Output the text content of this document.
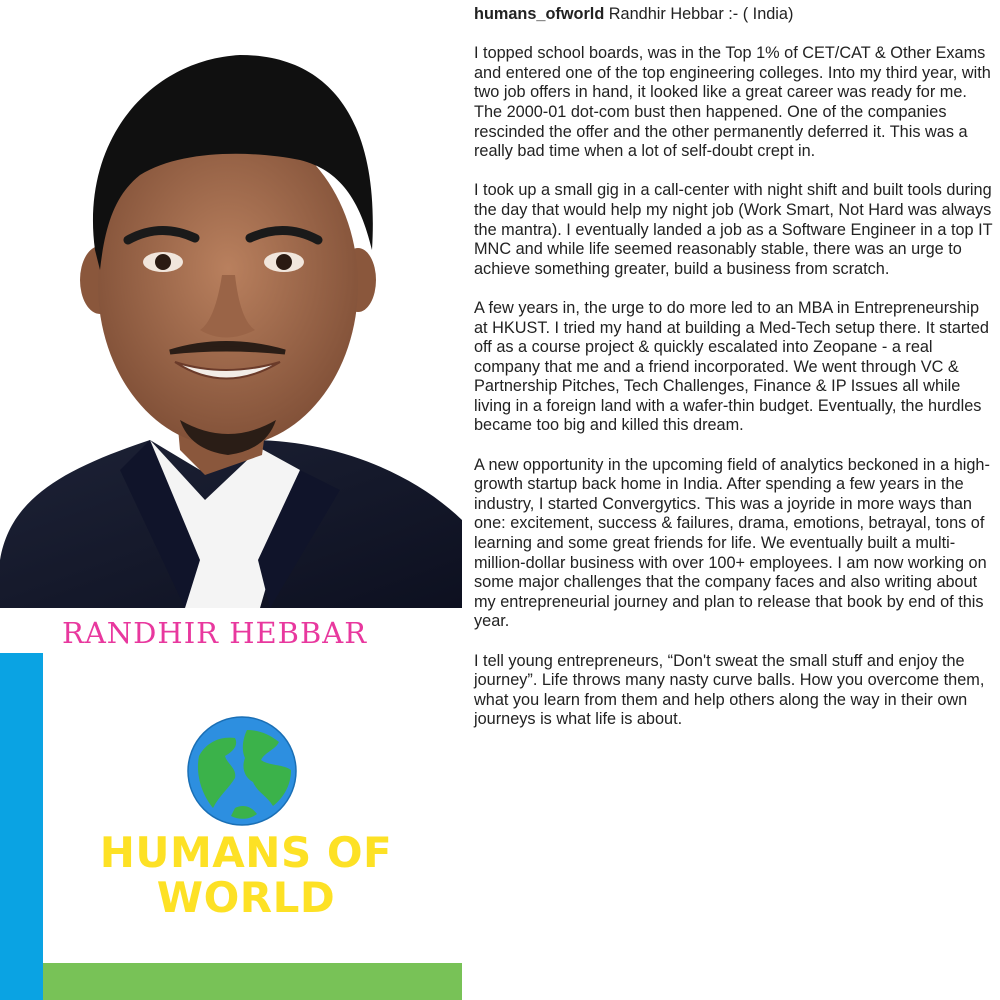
RANDHIR HEBBAR
HUMANS OF
WORLD
humans_ofworld Randhir Hebbar :- ( India)

I topped school boards, was in the Top 1% of CET/CAT & Other Exams and entered one of the top engineering colleges. Into my third year, with two job offers in hand, it looked like a great career was ready for me. The 2000-01 dot-com bust then happened. One of the companies rescinded the offer and the other permanently deferred it. This was a really bad time when a lot of self-doubt crept in.

I took up a small gig in a call-center with night shift and built tools during the day that would help my night job (Work Smart, Not Hard was always the mantra). I eventually landed a job as a Software Engineer in a top IT MNC and while life seemed reasonably stable, there was an urge to achieve something greater, build a business from scratch.

A few years in, the urge to do more led to an MBA in Entrepreneurship at HKUST. I tried my hand at building a Med-Tech setup there. It started off as a course project & quickly escalated into Zeopane - a real company that me and a friend incorporated. We went through VC & Partnership Pitches, Tech Challenges, Finance & IP Issues all while living in a foreign land with a wafer-thin budget. Eventually, the hurdles became too big and killed this dream.

A new opportunity in the upcoming field of analytics beckoned in a high-growth startup back home in India. After spending a few years in the industry, I started Convergytics. This was a joyride in more ways than one: excitement, success & failures, drama, emotions, betrayal, tons of learning and some great friends for life. We eventually built a multi-million-dollar business with over 100+ employees. I am now working on some major challenges that the company faces and also writing about my entrepreneurial journey and plan to release that book by end of this year.

I tell young entrepreneurs, “Don't sweat the small stuff and enjoy the journey”. Life throws many nasty curve balls. How you overcome them, what you learn from them and help others along the way in their own journeys is what life is about.
